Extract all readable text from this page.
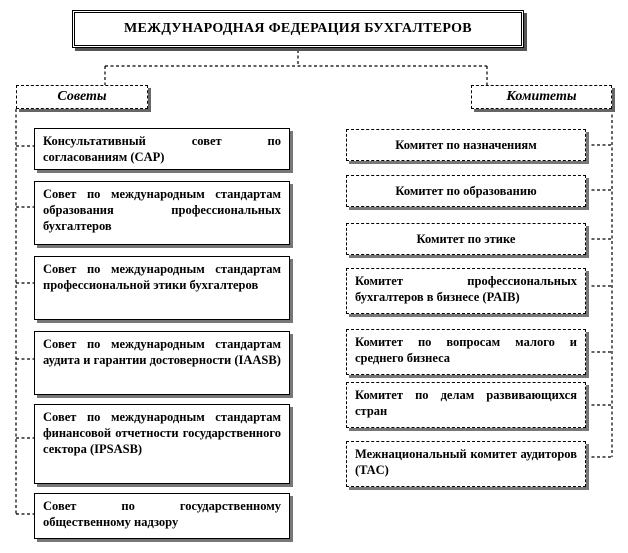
МЕЖДУНАРОДНАЯ ФЕДЕРАЦИЯ БУХГАЛТЕРОВ
Советы	Комитеты
Консультативный совет по согласованиям (CAP)
Совет по международным стандартам образования профессиональных бухгалтеров
Совет по международным стандартам профессиональной этики бухгалтеров
Совет по международным стандартам аудита и гарантии достоверности (IAASB)
Совет по международным стандартам финансовой отчетности государственного сектора (IPSASB)
Совет по государственному общественному надзору
Комитет по назначениям
Комитет по образованию
Комитет по этике
Комитет профессиональных бухгалтеров в бизнесе (PAIB)
Комитет по вопросам малого и среднего бизнеса
Комитет по делам развивающихся стран
Межнациональный комитет аудиторов (TAC)
